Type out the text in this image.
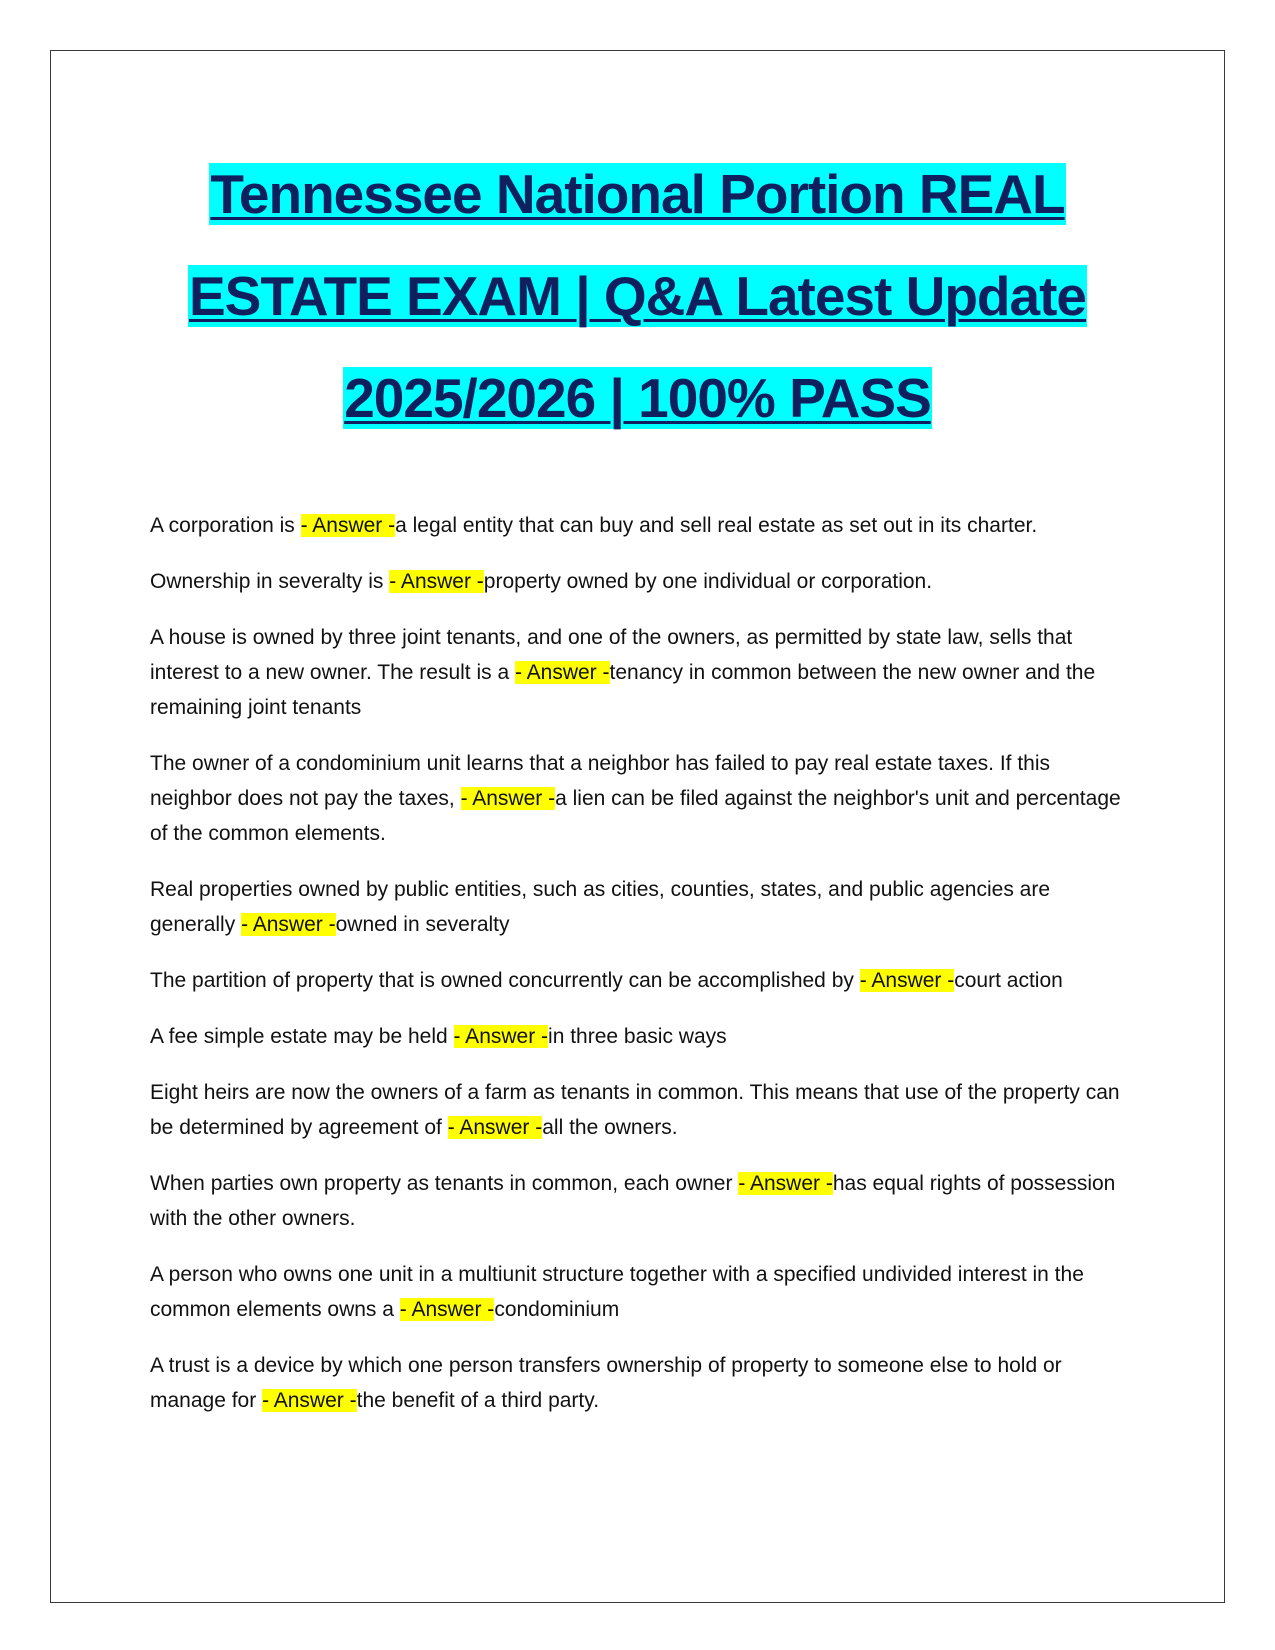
Tennessee National Portion REAL
ESTATE EXAM | Q&A Latest Update
2025/2026 | 100% PASS

A corporation is - Answer -a legal entity that can buy and sell real estate as set out in its charter.

Ownership in severalty is - Answer -property owned by one individual or corporation.

A house is owned by three joint tenants, and one of the owners, as permitted by state law, sells that interest to a new owner. The result is a - Answer -tenancy in common between the new owner and the remaining joint tenants

The owner of a condominium unit learns that a neighbor has failed to pay real estate taxes. If this neighbor does not pay the taxes, - Answer -a lien can be filed against the neighbor's unit and percentage of the common elements.

Real properties owned by public entities, such as cities, counties, states, and public agencies are generally - Answer -owned in severalty

The partition of property that is owned concurrently can be accomplished by - Answer -court action

A fee simple estate may be held - Answer -in three basic ways

Eight heirs are now the owners of a farm as tenants in common. This means that use of the property can be determined by agreement of - Answer -all the owners.

When parties own property as tenants in common, each owner - Answer -has equal rights of possession with the other owners.

A person who owns one unit in a multiunit structure together with a specified undivided interest in the common elements owns a - Answer -condominium

A trust is a device by which one person transfers ownership of property to someone else to hold or manage for - Answer -the benefit of a third party.
